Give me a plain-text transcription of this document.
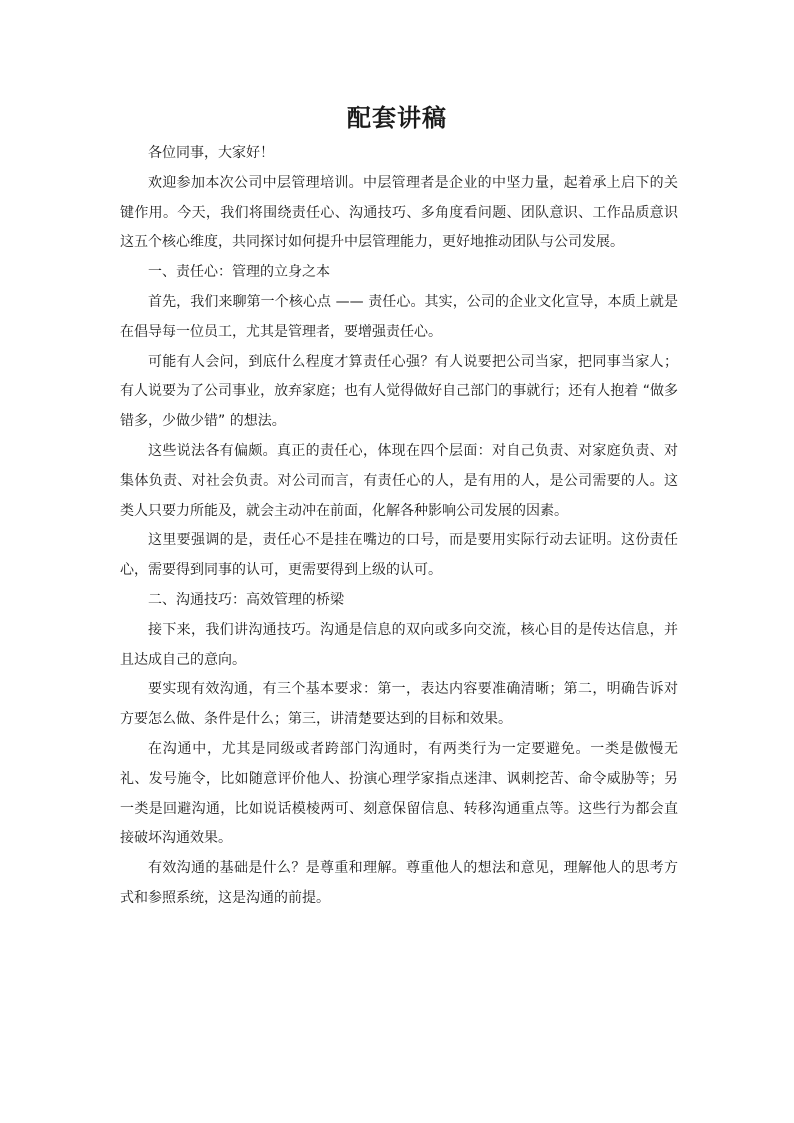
配套讲稿

各位同事，大家好！

欢迎参加本次公司中层管理培训。中层管理者是企业的中坚力量，起着承上启下的关键作用。今天，我们将围绕责任心、沟通技巧、多角度看问题、团队意识、工作品质意识这五个核心维度，共同探讨如何提升中层管理能力，更好地推动团队与公司发展。

一、责任心：管理的立身之本

首先，我们来聊第一个核心点 —— 责任心。其实，公司的企业文化宣导，本质上就是在倡导每一位员工，尤其是管理者，要增强责任心。

可能有人会问，到底什么程度才算责任心强？有人说要把公司当家，把同事当家人；有人说要为了公司事业，放弃家庭；也有人觉得做好自己部门的事就行；还有人抱着 “做多错多，少做少错” 的想法。

这些说法各有偏颇。真正的责任心，体现在四个层面：对自己负责、对家庭负责、对集体负责、对社会负责。对公司而言，有责任心的人，是有用的人，是公司需要的人。这类人只要力所能及，就会主动冲在前面，化解各种影响公司发展的因素。

这里要强调的是，责任心不是挂在嘴边的口号，而是要用实际行动去证明。这份责任心，需要得到同事的认可，更需要得到上级的认可。

二、沟通技巧：高效管理的桥梁

接下来，我们讲沟通技巧。沟通是信息的双向或多向交流，核心目的是传达信息，并且达成自己的意向。

要实现有效沟通，有三个基本要求：第一，表达内容要准确清晰；第二，明确告诉对方要怎么做、条件是什么；第三，讲清楚要达到的目标和效果。

在沟通中，尤其是同级或者跨部门沟通时，有两类行为一定要避免。一类是傲慢无礼、发号施令，比如随意评价他人、扮演心理学家指点迷津、讽刺挖苦、命令威胁等；另一类是回避沟通，比如说话模棱两可、刻意保留信息、转移沟通重点等。这些行为都会直接破坏沟通效果。

有效沟通的基础是什么？是尊重和理解。尊重他人的想法和意见，理解他人的思考方式和参照系统，这是沟通的前提。
